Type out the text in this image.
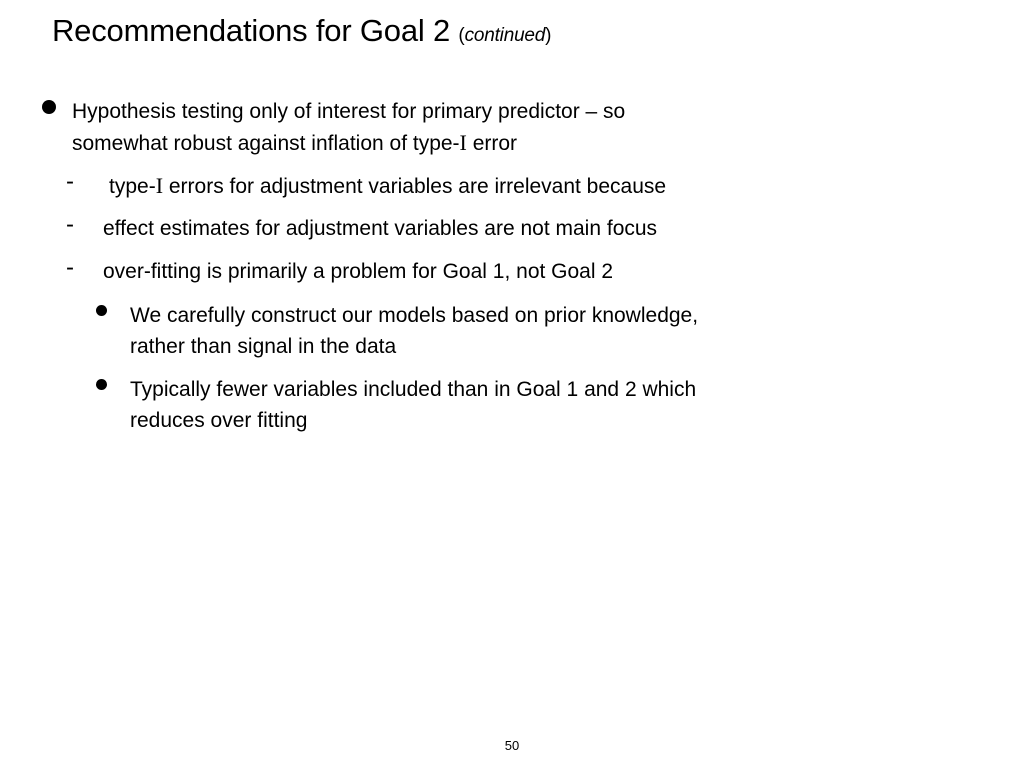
Recommendations for Goal 2 (continued)
Hypothesis testing only of interest for primary predictor – so
somewhat robust against inflation of type-I error
- type-I errors for adjustment variables are irrelevant because
- effect estimates for adjustment variables are not main focus
- over-fitting is primarily a problem for Goal 1, not Goal 2
We carefully construct our models based on prior knowledge,
rather than signal in the data
Typically fewer variables included than in Goal 1 and 2 which
reduces over fitting
50
